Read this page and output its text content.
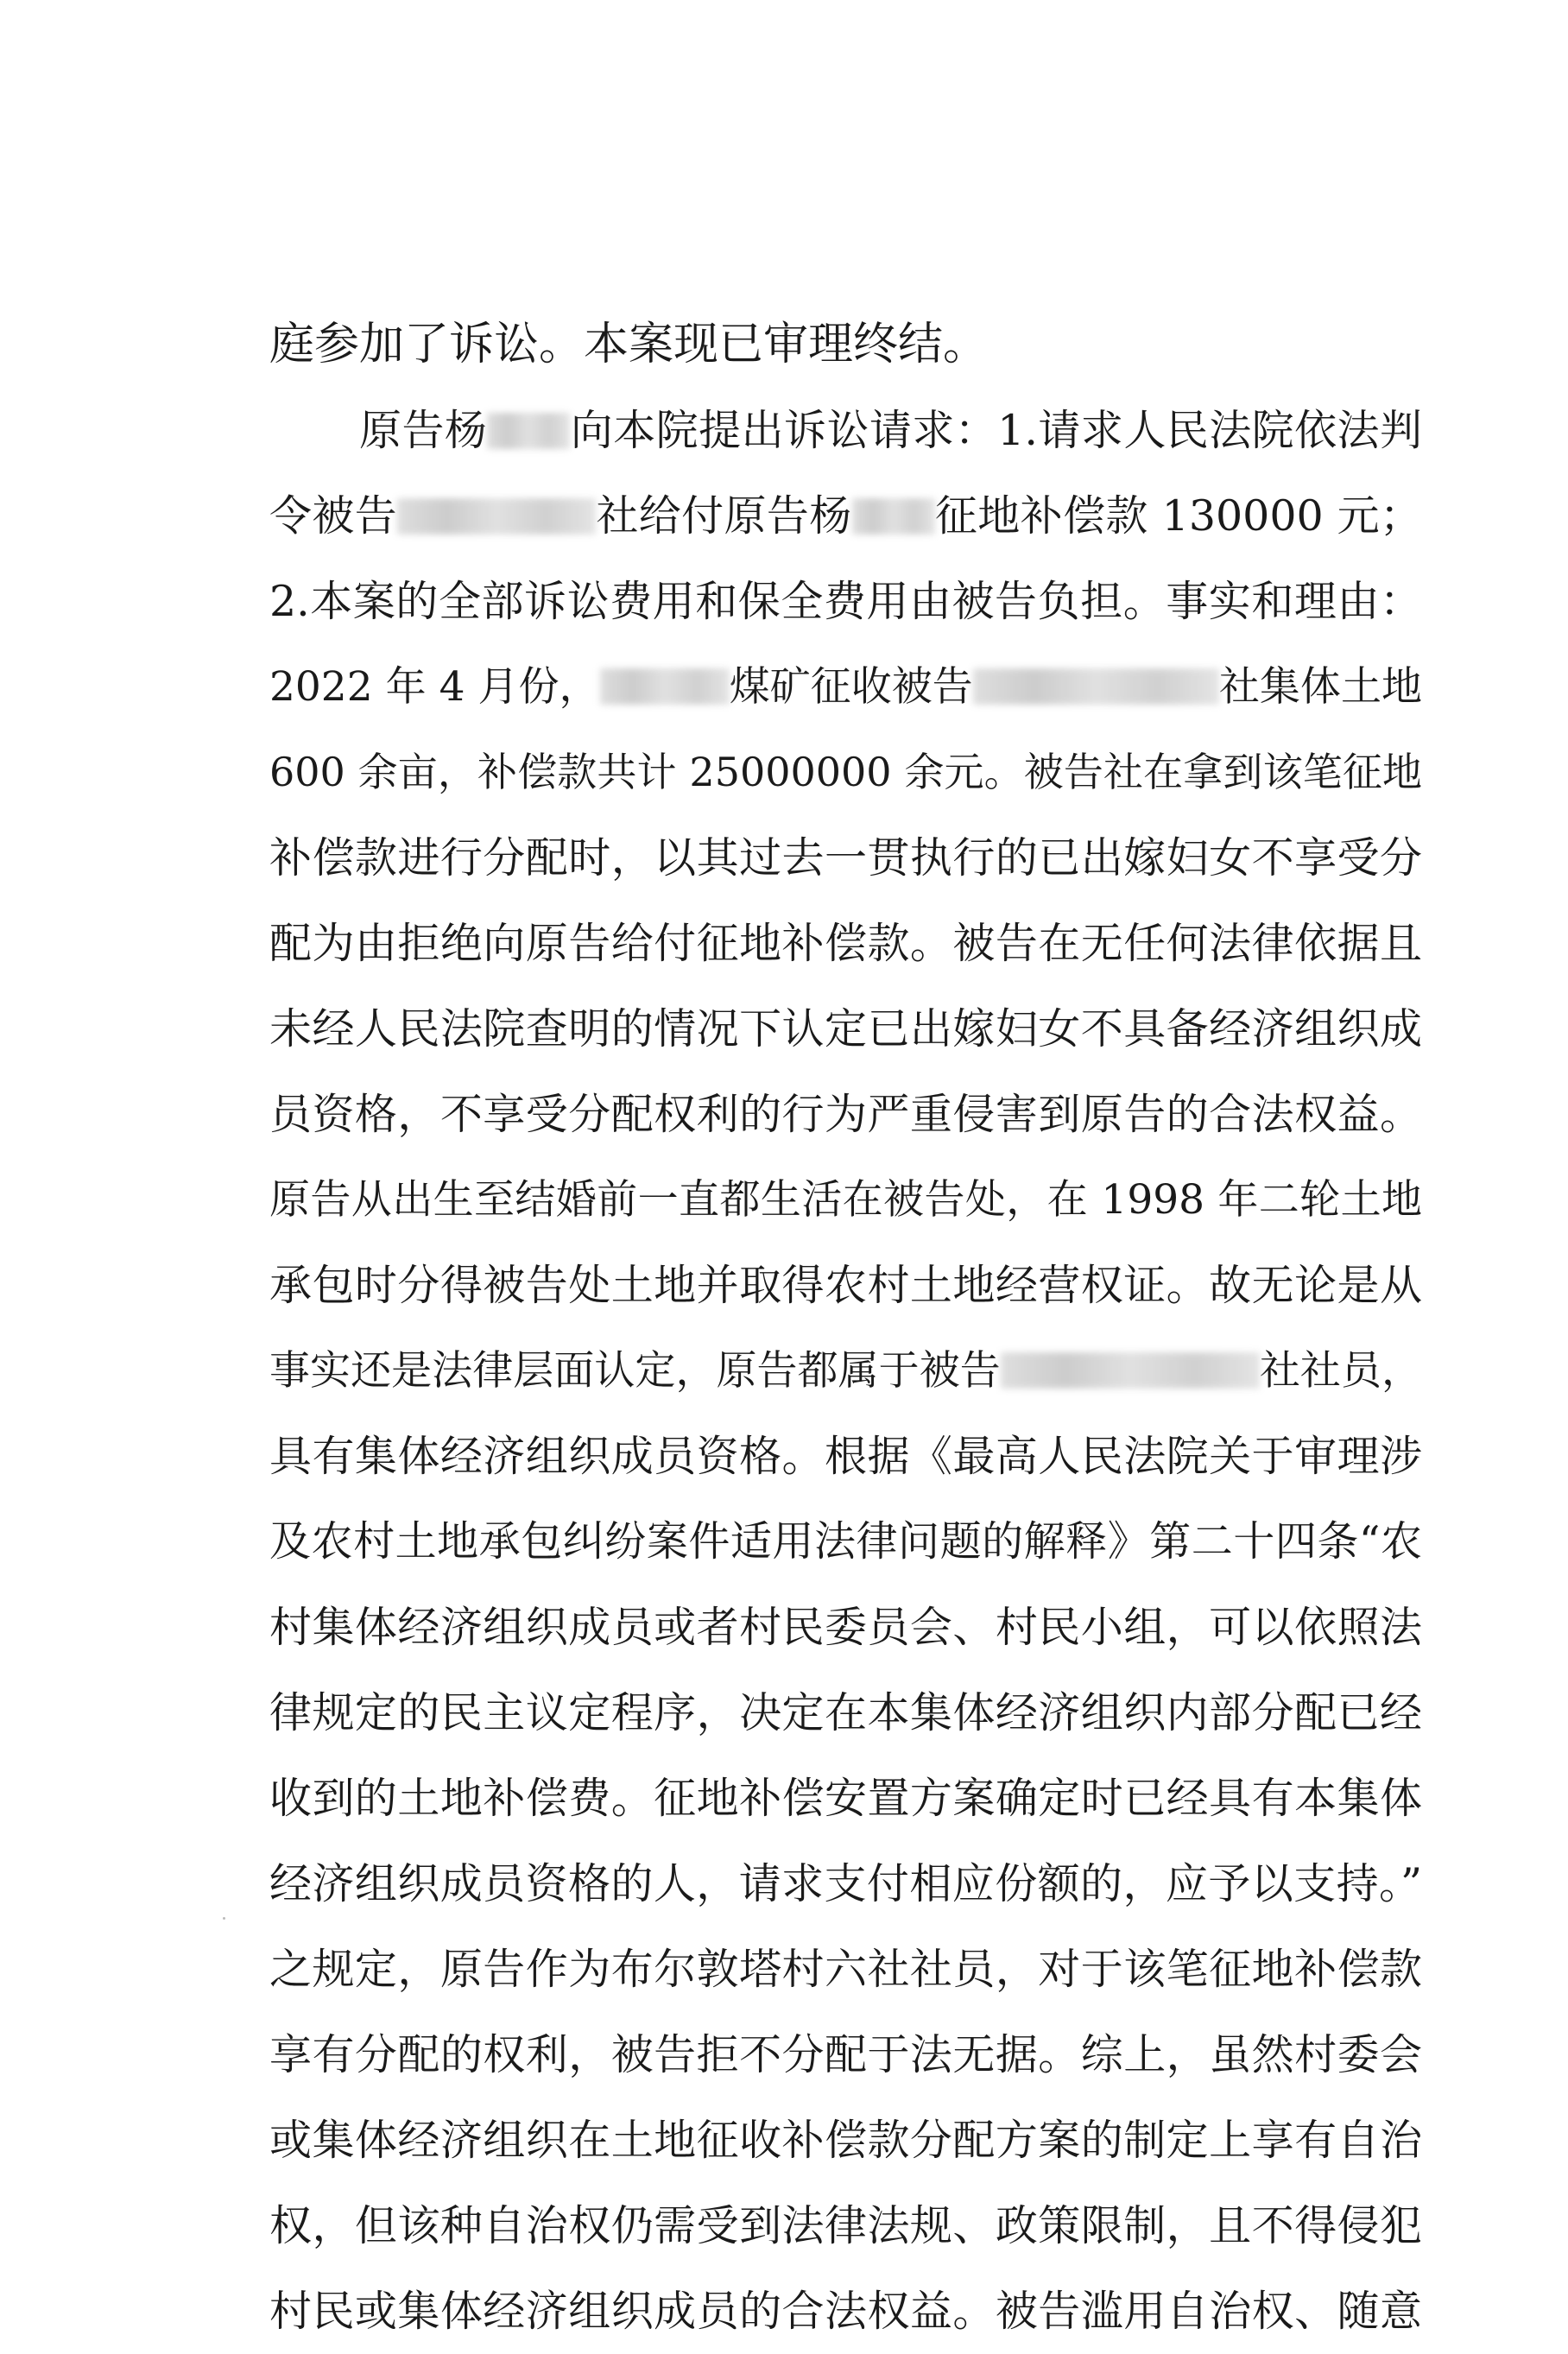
庭参加了诉讼。本案现已审理终结。
原告杨 向本院提出诉讼请求：1.请求人民法院依法判
令被告	社给付原告杨 征地补偿款 130000 元；
2.本案的全部诉讼费用和保全费用由被告负担。事实和理由：
2022 年 4 月份，	煤矿征收被告	社集体土地
600 余亩，补偿款共计 25000000 余元。被告社在拿到该笔征地
补偿款进行分配时，以其过去一贯执行的已出嫁妇女不享受分
配为由拒绝向原告给付征地补偿款。被告在无任何法律依据且
未经人民法院查明的情况下认定已出嫁妇女不具备经济组织成
员资格，不享受分配权利的行为严重侵害到原告的合法权益。
原告从出生至结婚前一直都生活在被告处，在 1998 年二轮土地
承包时分得被告处土地并取得农村土地经营权证。故无论是从
事实还是法律层面认定，原告都属于被告	社社员，
具有集体经济组织成员资格。根据《最高人民法院关于审理涉
及农村土地承包纠纷案件适用法律问题的解释》第二十四条“农
村集体经济组织成员或者村民委员会、村民小组，可以依照法
律规定的民主议定程序，决定在本集体经济组织内部分配已经
收到的土地补偿费。征地补偿安置方案确定时已经具有本集体
经济组织成员资格的人，请求支付相应份额的，应予以支持。”
之规定，原告作为布尔敦塔村六社社员，对于该笔征地补偿款
享有分配的权利，被告拒不分配于法无据。综上，虽然村委会
或集体经济组织在土地征收补偿款分配方案的制定上享有自治
权，但该种自治权仍需受到法律法规、政策限制，且不得侵犯
村民或集体经济组织成员的合法权益。被告滥用自治权、随意
